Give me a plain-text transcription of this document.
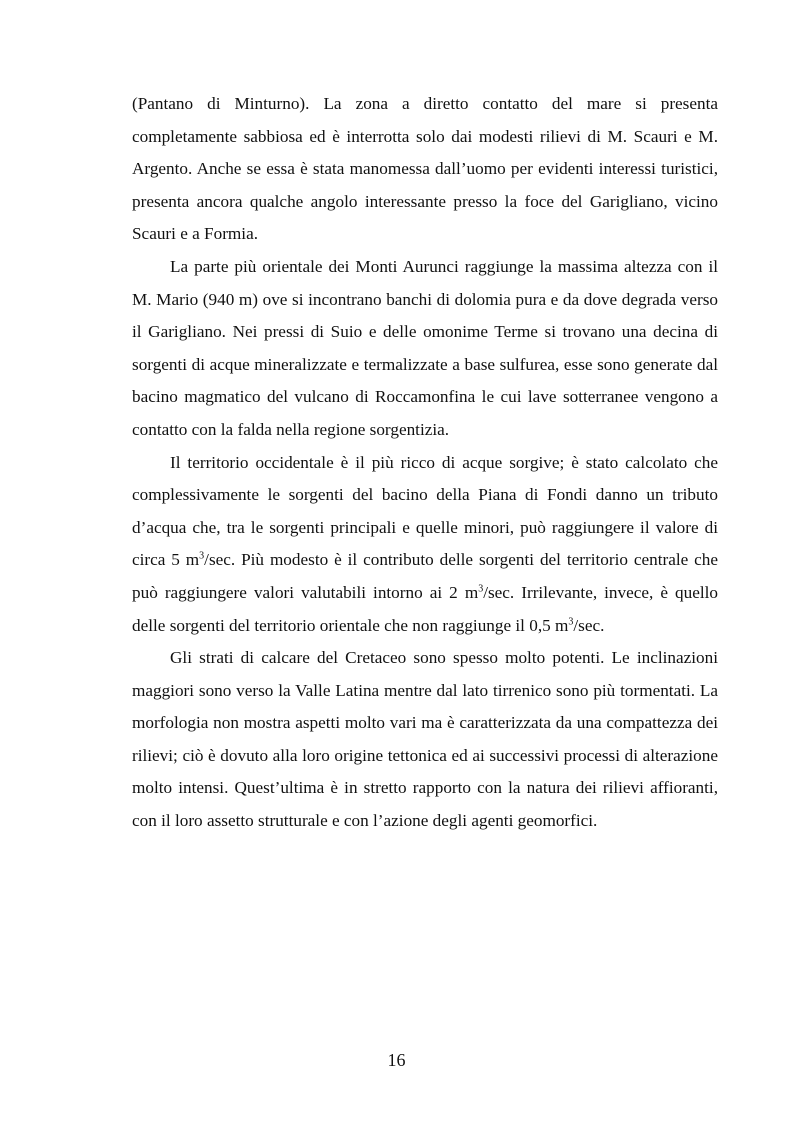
(Pantano di Minturno). La zona a diretto contatto del mare si presenta completamente sabbiosa ed è interrotta solo dai modesti rilievi di M. Scauri e M. Argento. Anche se essa è stata manomessa dall’uomo per evidenti interessi turistici, presenta ancora qualche angolo interessante presso la foce del Garigliano, vicino Scauri e a Formia.

La parte più orientale dei Monti Aurunci raggiunge la massima altezza con il M. Mario (940 m) ove si incontrano banchi di dolomia pura e da dove degrada verso il Garigliano. Nei pressi di Suio e delle omonime Terme si trovano una decina di sorgenti di acque mineralizzate e termalizzate a base sulfurea, esse sono generate dal bacino magmatico del vulcano di Roccamonfina le cui lave sotterranee vengono a contatto con la falda nella regione sorgentizia.

Il territorio occidentale è il più ricco di acque sorgive; è stato calcolato che complessivamente le sorgenti del bacino della Piana di Fondi danno un tributo d’acqua che, tra le sorgenti principali e quelle minori, può raggiungere il valore di circa 5 $m^3/\sec$. Più modesto è il contributo delle sorgenti del territorio centrale che può raggiungere valori valutabili intorno ai 2 $m^3/\sec$. Irrilevante, invece, è quello delle sorgenti del territorio orientale che non raggiunge il 0,5 $m^3/\sec$.

Gli strati di calcare del Cretaceo sono spesso molto potenti. Le inclinazioni maggiori sono verso la Valle Latina mentre dal lato tirrenico sono più tormentati. La morfologia non mostra aspetti molto vari ma è caratterizzata da una compattezza dei rilievi; ciò è dovuto alla loro origine tettonica ed ai successivi processi di alterazione molto intensi. Quest’ultima è in stretto rapporto con la natura dei rilievi affioranti, con il loro assetto strutturale e con l’azione degli agenti geomorfici.

16
